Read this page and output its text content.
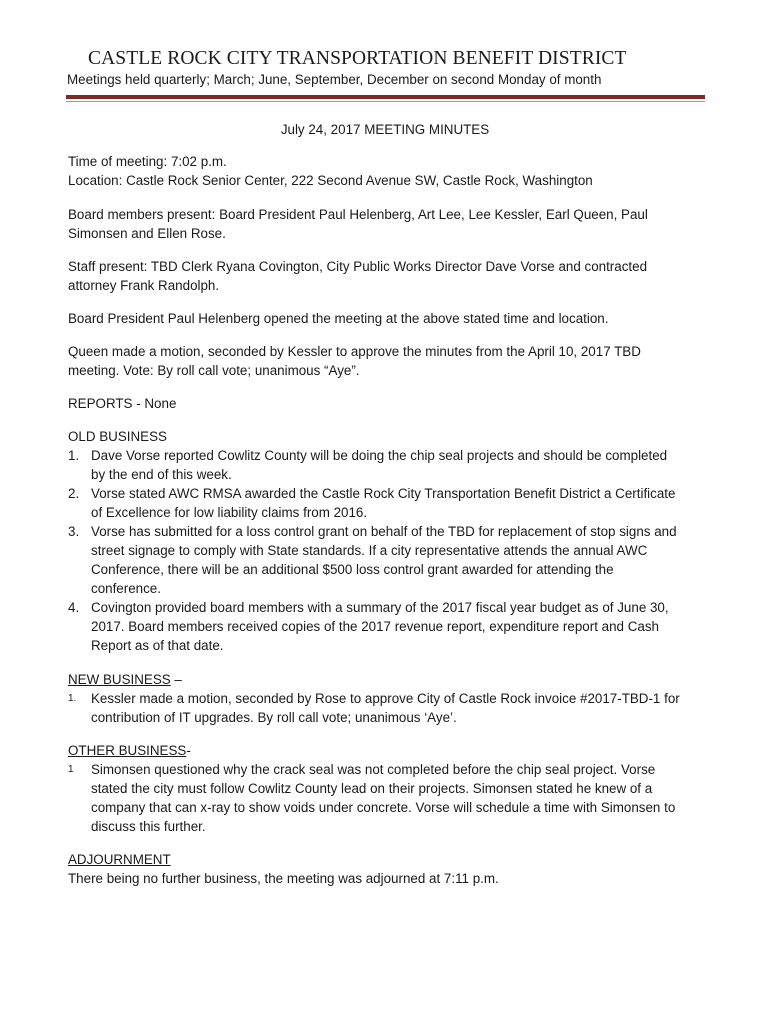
CASTLE ROCK CITY TRANSPORTATION BENEFIT DISTRICT
Meetings held quarterly; March; June, September, December on second Monday of month
July 24, 2017 MEETING MINUTES
Time of meeting: 7:02 p.m.
Location: Castle Rock Senior Center, 222 Second Avenue SW, Castle Rock, Washington
Board members present: Board President Paul Helenberg, Art Lee, Lee Kessler, Earl Queen, Paul
Simonsen and Ellen Rose.
Staff present: TBD Clerk Ryana Covington, City Public Works Director Dave Vorse and contracted
attorney Frank Randolph.
Board President Paul Helenberg opened the meeting at the above stated time and location.
Queen made a motion, seconded by Kessler to approve the minutes from the April 10, 2017 TBD
meeting. Vote: By roll call vote; unanimous “Aye”.
REPORTS - None
OLD BUSINESS
1. Dave Vorse reported Cowlitz County will be doing the chip seal projects and should be completed
by the end of this week.
2. Vorse stated AWC RMSA awarded the Castle Rock City Transportation Benefit District a Certificate
of Excellence for low liability claims from 2016.
3. Vorse has submitted for a loss control grant on behalf of the TBD for replacement of stop signs and
street signage to comply with State standards. If a city representative attends the annual AWC
Conference, there will be an additional $500 loss control grant awarded for attending the
conference.
4. Covington provided board members with a summary of the 2017 fiscal year budget as of June 30,
2017. Board members received copies of the 2017 revenue report, expenditure report and Cash
Report as of that date.
NEW BUSINESS –
1. Kessler made a motion, seconded by Rose to approve City of Castle Rock invoice #2017-TBD-1 for
contribution of IT upgrades. By roll call vote; unanimous ‘Aye’.
OTHER BUSINESS-
1 Simonsen questioned why the crack seal was not completed before the chip seal project. Vorse
stated the city must follow Cowlitz County lead on their projects. Simonsen stated he knew of a
company that can x-ray to show voids under concrete. Vorse will schedule a time with Simonsen to
discuss this further.
ADJOURNMENT
There being no further business, the meeting was adjourned at 7:11 p.m.
